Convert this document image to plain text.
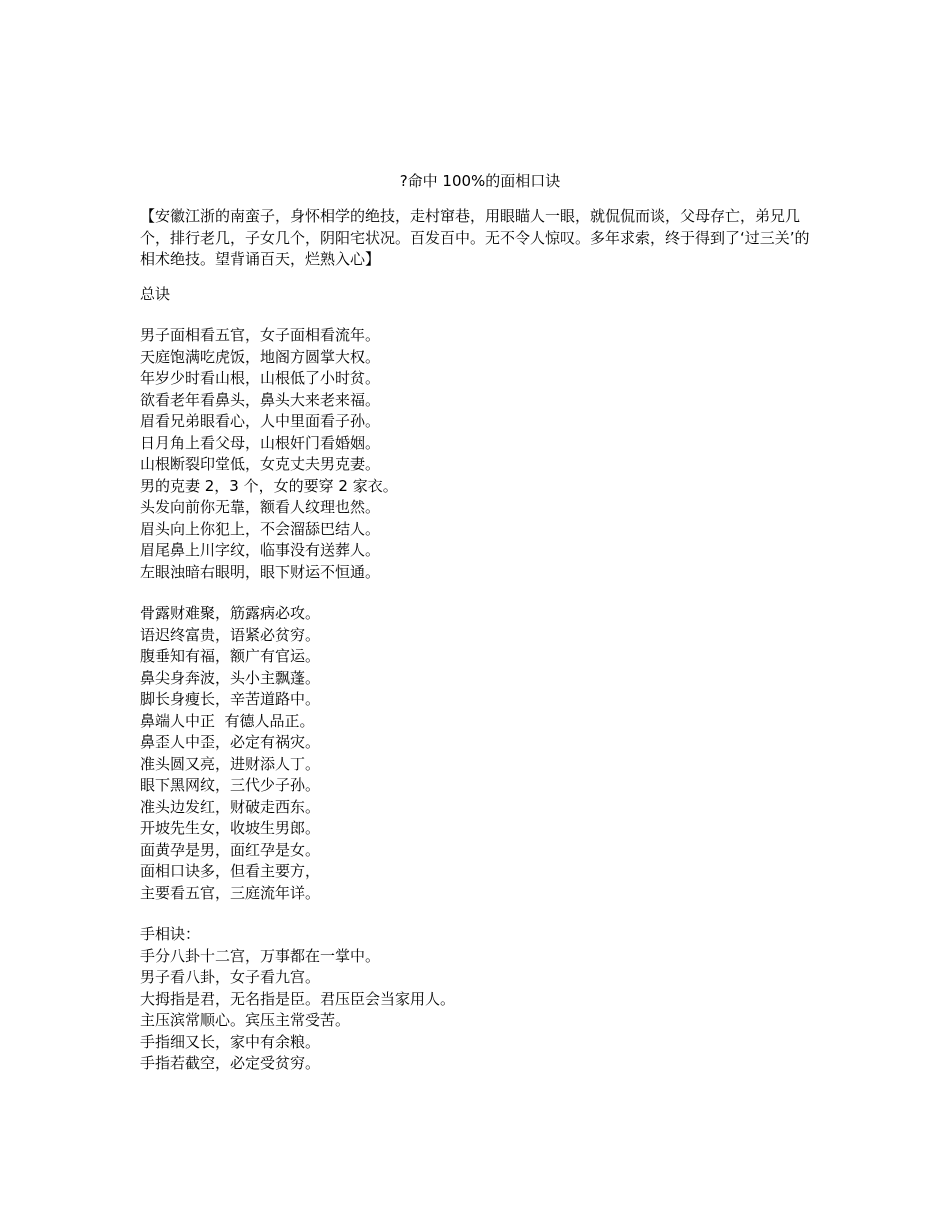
?命中 100%的面相口诀
【安徽江浙的南蛮子，身怀相学的绝技，走村窜巷，用眼瞄人一眼，就侃侃而谈，父母存亡，弟兄几个，排行老几，子女几个，阴阳宅状况。百发百中。无不令人惊叹。多年求索，终于得到了‘过三关’的相术绝技。望背诵百天，烂熟入心】
总诀
男子面相看五官，女子面相看流年。
天庭饱满吃虎饭，地阁方圆掌大权。
年岁少时看山根，山根低了小时贫。
欲看老年看鼻头，鼻头大来老来福。
眉看兄弟眼看心，人中里面看子孙。
日月角上看父母，山根奸门看婚姻。
山根断裂印堂低，女克丈夫男克妻。
男的克妻 2，3 个，女的要穿 2 家衣。
头发向前你无靠，额看人纹理也然。
眉头向上你犯上，不会溜舔巴结人。
眉尾鼻上川字纹，临事没有送葬人。
左眼浊暗右眼明，眼下财运不恒通。
骨露财难聚，筋露病必攻。
语迟终富贵，语紧必贫穷。
腹垂知有福，额广有官运。
鼻尖身奔波，头小主飘蓬。
脚长身瘦长，辛苦道路中。
鼻端人中正  有德人品正。
鼻歪人中歪，必定有祸灾。
准头圆又亮，进财添人丁。
眼下黑网纹，三代少子孙。
准头边发红，财破走西东。
开坡先生女，收坡生男郎。
面黄孕是男，面红孕是女。
面相口诀多，但看主要方，
主要看五官，三庭流年详。
手相诀：
手分八卦十二宫，万事都在一掌中。
男子看八卦，女子看九宫。
大拇指是君，无名指是臣。君压臣会当家用人。
主压滨常顺心。宾压主常受苦。
手指细又长，家中有余粮。
手指若截空，必定受贫穷。
